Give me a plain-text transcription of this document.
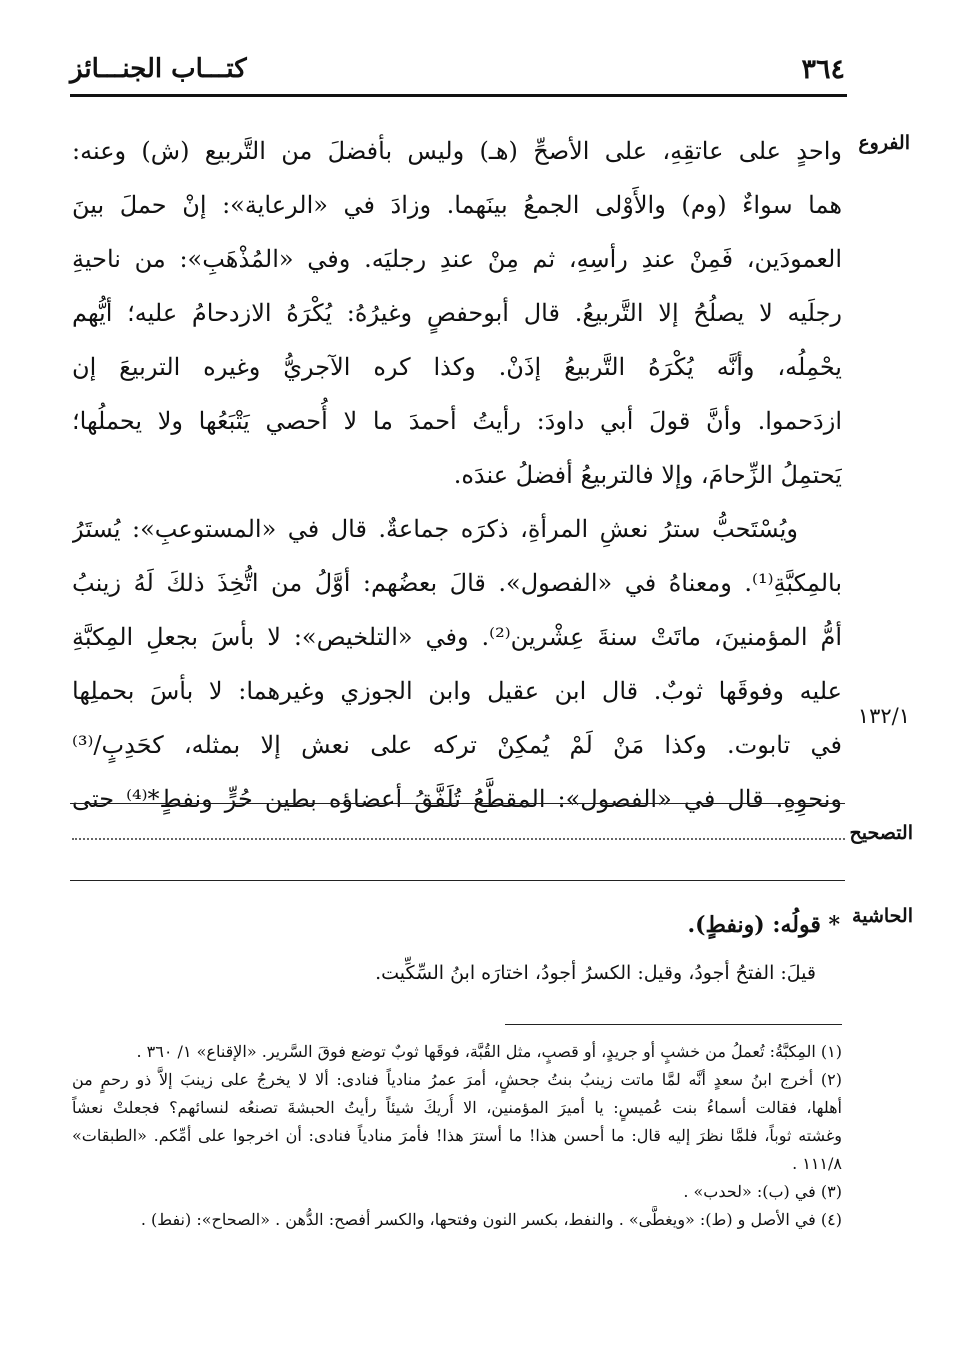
٣٦٤
كتـــاب الجنـــائز
الفروع
١٣٢/١
واحدٍ على عاتقِهِ، على الأصحِّ (هـ) وليس بأفضلَ من التَّربيع (ش) وعنه:
هما سواءٌ (وم) والأَوْلى الجمعُ بينَهما. وزادَ في «الرعاية»: إنْ حملَ بينَ
العمودَين، فَمِنْ عندِ رأسِهِ، ثم مِنْ عندِ رجليَه. وفي «المُذْهَبِ»: من ناحيةِ
رجلَيه لا يصلُحُ إلا التَّربيعُ. قال أبوحفصٍ وغيرُهُ: يُكْرَهُ الازدحامُ عليه؛ أيُّهم
يحْمِلُه، وأنَّه يُكْرَهُ التَّربيعُ إذَنْ. وكذا كره الآجريُّ وغيره التربيعَ إن
ازدَحموا. وأنَّ قولَ أبي داودَ: رأيتُ أحمدَ ما لا أُحصي يَتْبَعُها ولا يحملُها؛
يَحتمِلُ الزِّحامَ، وإلا فالتربيعُ أفضلُ عندَه.
ويُسْتَحبُّ سترُ نعشِ المرأةِ، ذكرَه جماعةٌ. قال في «المستوعبِ»: يُستَرُ
بالمِكبَّةِ⁽¹⁾. ومعناهُ في «الفصول». قالَ بعضُهم: أوَّلُ من اتُّخِذَ ذلكَ لَهُ زينبُ
أمُّ المؤمنينَ، ماتَتْ سنةَ عِشْرين⁽²⁾. وفي «التلخيص»: لا بأسَ بجعلِ المِكبَّةِ
عليه وفوقَها ثوبٌ. قال ابن عقيل وابن الجوزي وغيرهما: لا بأسَ بحملِها
في تابوت. وكذا مَنْ لَمْ يُمكِنْ تركه على نعش إلا بمثله، كحَدِبٍ/⁽³⁾
ونحوِهِ. قال في «الفصول»: المقطَّعُ تُلَفَّقُ أعضاؤه بطين حُرٍّ ونفطٍ*⁽⁴⁾ حتى
التصحيح
الحاشية
* قولُه: (ونفطٍ).
قيلَ: الفتحُ أجودُ، وقيل: الكسرُ أجودُ، اختارَه ابنُ السِّكِّيت.
(١) المِكبَّةُ: تُعملُ من خشبٍ أو جريدٍ، أو قصبٍ، مثل القُبَّة، فوقَها ثوبٌ توضع فوقَ السَّرير. «الإقناع» ١/ ٣٦٠ .
(٢) أخرج ابنُ سعدٍ أنَّه لمَّا ماتت زينبُ بنتُ جحشٍ، أمرَ عمرُ منادياً فنادى: ألا لا يخرجُ على زينبَ إلاَّ ذو رحمٍ من
أهلها، فقالت أسماءُ بنت عُميسٍ: يا أميرَ المؤمنين، الا أُريكَ شيئاً رأيتُ الحبشةَ تصنعُه لنسائهم؟ فجعلتْ نعشاً
وغشته ثوباً، فلمَّا نظرَ إليه قال: ما أحسن هذا! ما أسترَ هذا! فأمرَ منادياً فنادى: أن اخرجوا على أمِّكم. «الطبقات»
١١١/٨ .
(٣) في (ب): «لحدب» .
(٤) في الأصل و (ط): «ويغطَّى» . والنفط، بكسر النون وفتحها، والكسر أفصح: الدُّهن . «الصحاح»: (نفط) .
